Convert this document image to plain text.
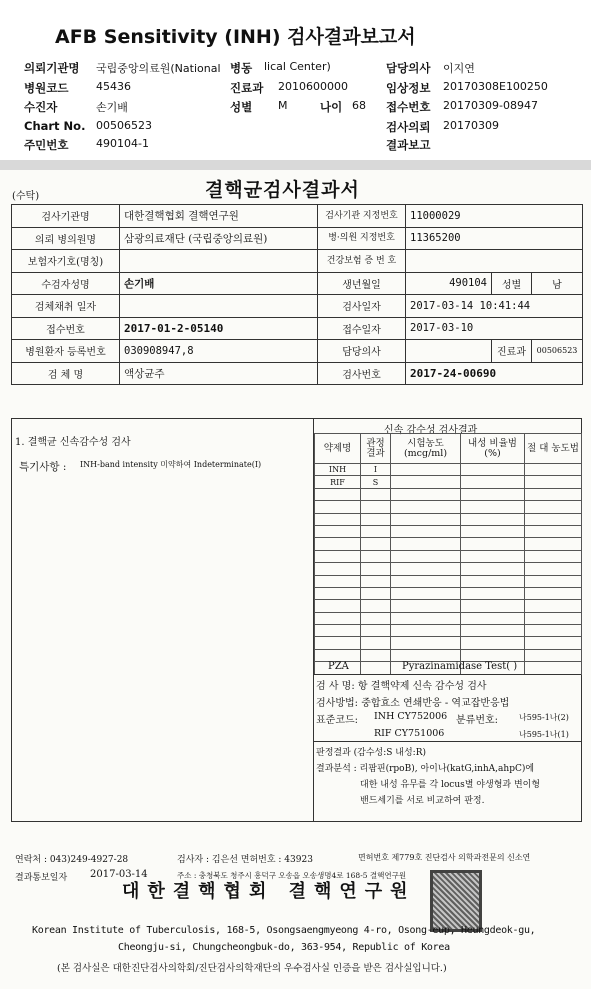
AFB Sensitivity (INH) 검사결과보고서
의뢰기관명 국립중앙의료원(National 병동 lical Center)	담당의사 이지연
병원코드	45436	진료과 2010600000	임상정보 20170308E100250
수진자	손기배	성별 M	나이 68 접수번호 20170309-08947
Chart No. 00506523	검사의뢰 20170309
주민번호	490104-1	결과보고
(수탁)	결핵균검사결과서
검사기관명	대한결핵협회 결핵연구원	검사기관 지정번호	11000029		
의뢰 병의원명	삼광의료재단 (국립중앙의료원)	병·의원 지정번호	11365200		
보험자기호(명칭)		건강보험 증 번 호			
수검자성명	손기배	생년월일	490104	성별	남
검체채취 일자		검사일자	2017-03-14 10:41:44		
접수번호	2017-01-2-05140	접수일자	2017-03-10		
병원환자 등록번호	030908947,8	담당의사		진료과	00506523
검 체 명	액상균주	검사번호	2017-24-00690		
1. 결핵균 신속감수성 검사
특기사항 : INH-band intensity 미약하여 Indeterminate(I)
신속 감수성 검사결과
약제명	관정 결과	시험농도 (mcg/ml)	내성 비율범(%)	절 대 농도법
INH	I			
RIF	S			

PZA	Pyrazinamidase Test( )
검 사 명: 항 결핵약제 신속 감수성 검사
검사방법: 중합효소 연쇄반응 - 역교잡반응법
표준코드: INH CY752006 분류번호:	나595-1나(2)
RIF CY751006	나595-1나(1)
판정결과 (감수성:S 내성:R)
결과분석 : 리팜핀(rpoB), 아이나(katG,inhA,ahpC)에
대한 내성 유무를 각 locus별 야생형과 변이형
밴드세기를 서로 비교하여 판정.
연락처 : 043)249-4927-28	검사자 : 김은선 면허번호 : 43923	면허번호 제779호 진단검사 의학과전문의 신소연
결과통보일자 2017-03-14	주소 : 충청북도 청주시 흥덕구 오송읍 오송생명4로 168-5 결핵연구원
대한결핵협회 결핵연구원
Korean Institute of Tuberculosis, 168-5, Osongsaengmyeong 4-ro, Osong-eup, Heungdeok-gu,
Cheongju-si, Chungcheongbuk-do, 363-954, Republic of Korea
(본 검사실은 대한진단검사의학회/진단검사의학재단의 우수검사실 인증을 받은 검사실입니다.)
